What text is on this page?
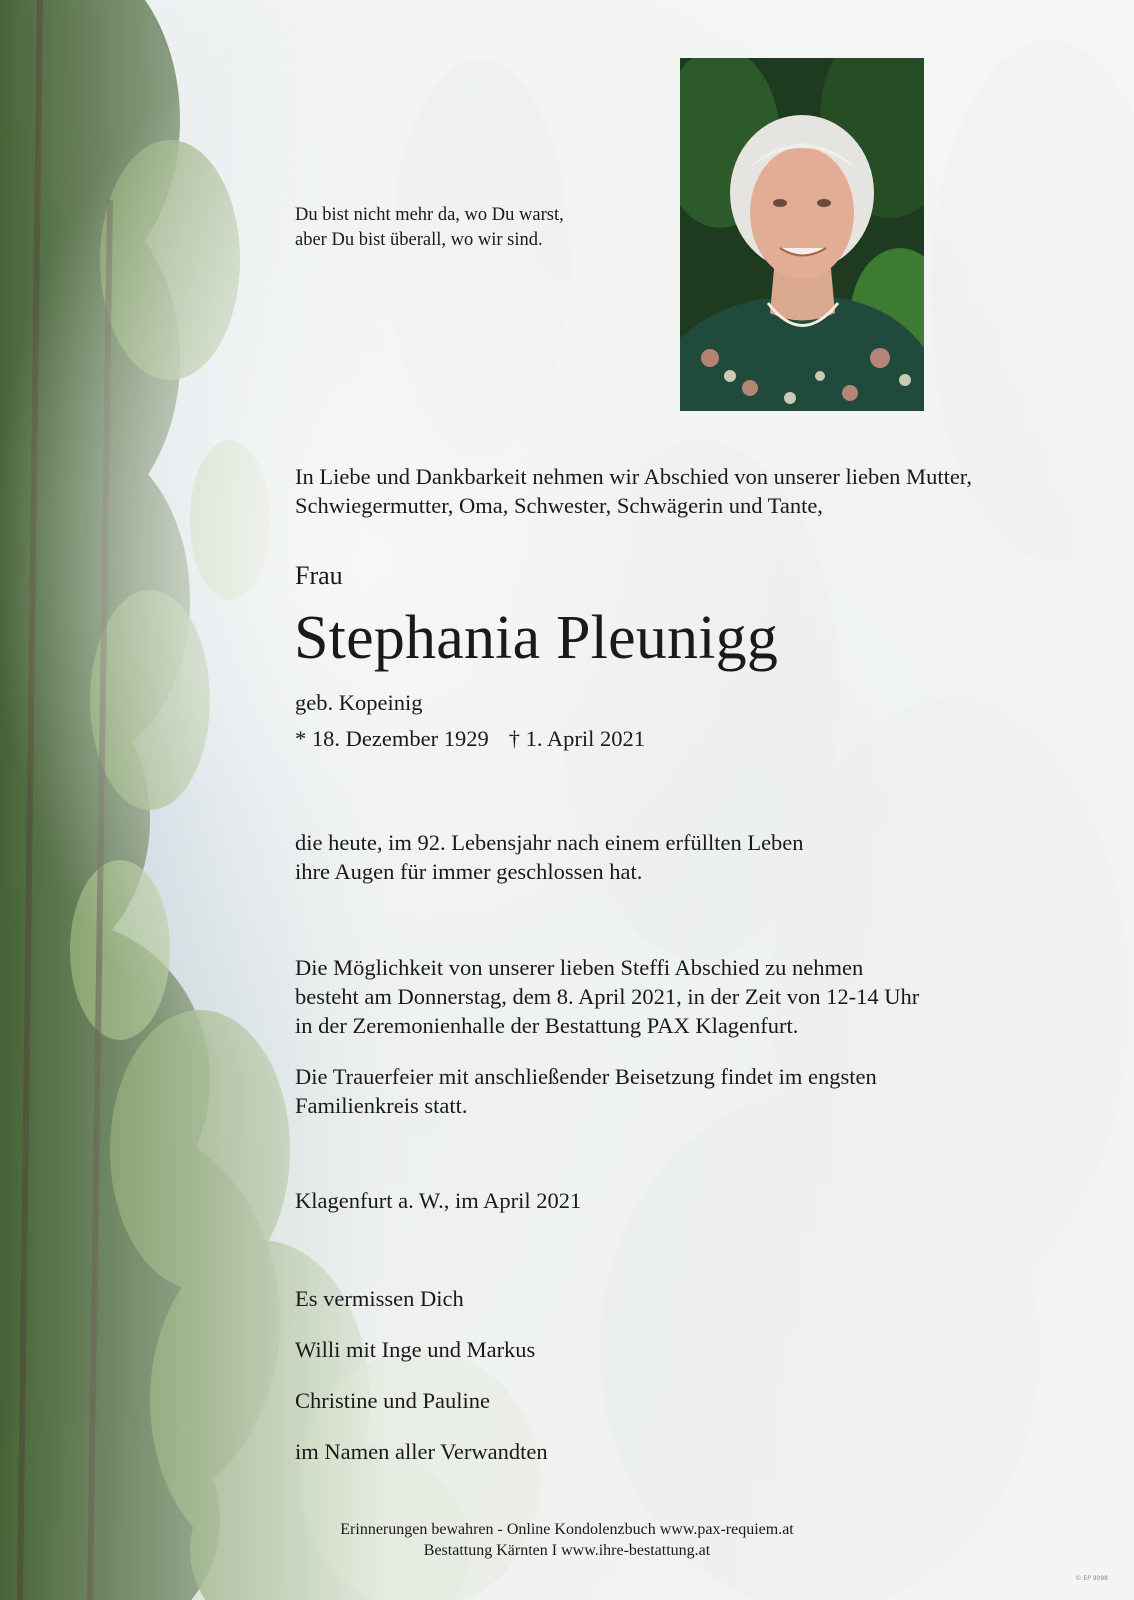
Du bist nicht mehr da, wo Du warst,
aber Du bist überall, wo wir sind.
In Liebe und Dankbarkeit nehmen wir Abschied von unserer lieben Mutter,
Schwiegermutter, Oma, Schwester, Schwägerin und Tante,
Frau
Stephania Pleunigg
geb. Kopeinig
* 18. Dezember 1929 † 1. April 2021
die heute, im 92. Lebensjahr nach einem erfüllten Leben
ihre Augen für immer geschlossen hat.
Die Möglichkeit von unserer lieben Steffi Abschied zu nehmen
besteht am Donnerstag, dem 8. April 2021, in der Zeit von 12-14 Uhr
in der Zeremonienhalle der Bestattung PAX Klagenfurt.
Die Trauerfeier mit anschließender Beisetzung findet im engsten
Familienkreis statt.
Klagenfurt a. W., im April 2021
Es vermissen Dich
Willi mit Inge und Markus
Christine und Pauline
im Namen aller Verwandten
Erinnerungen bewahren - Online Kondolenzbuch www.pax-requiem.at
Bestattung Kärnten I www.ihre-bestattung.at
© EP 9098
